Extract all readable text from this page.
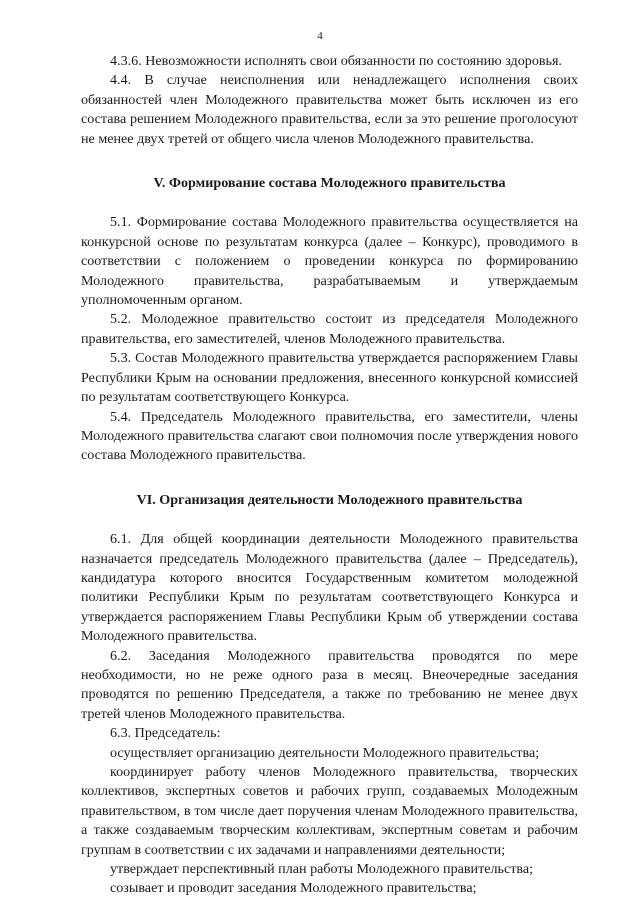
4

4.3.6. Невозможности исполнять свои обязанности по состоянию здоровья.

4.4. В случае неисполнения или ненадлежащего исполнения своих обязанностей член Молодежного правительства может быть исключен из его состава решением Молодежного правительства, если за это решение проголосуют не менее двух третей от общего числа членов Молодежного правительства.

V. Формирование состава Молодежного правительства

5.1. Формирование состава Молодежного правительства осуществляется на конкурсной основе по результатам конкурса (далее – Конкурс), проводимого в соответствии с положением о проведении конкурса по формированию Молодежного правительства, разрабатываемым и утверждаемым уполномоченным органом.

5.2. Молодежное правительство состоит из председателя Молодежного правительства, его заместителей, членов Молодежного правительства.

5.3. Состав Молодежного правительства утверждается распоряжением Главы Республики Крым на основании предложения, внесенного конкурсной комиссией по результатам соответствующего Конкурса.

5.4. Председатель Молодежного правительства, его заместители, члены Молодежного правительства слагают свои полномочия после утверждения нового состава Молодежного правительства.

VI. Организация деятельности Молодежного правительства

6.1. Для общей координации деятельности Молодежного правительства назначается председатель Молодежного правительства (далее – Председатель), кандидатура которого вносится Государственным комитетом молодежной политики Республики Крым по результатам соответствующего Конкурса и утверждается распоряжением Главы Республики Крым об утверждении состава Молодежного правительства.

6.2. Заседания Молодежного правительства проводятся по мере необходимости, но не реже одного раза в месяц. Внеочередные заседания проводятся по решению Председателя, а также по требованию не менее двух третей членов Молодежного правительства.

6.3. Председатель:

осуществляет организацию деятельности Молодежного правительства;

координирует работу членов Молодежного правительства, творческих коллективов, экспертных советов и рабочих групп, создаваемых Молодежным правительством, в том числе дает поручения членам Молодежного правительства, а также создаваемым творческим коллективам, экспертным советам и рабочим группам в соответствии с их задачами и направлениями деятельности;

утверждает перспективный план работы Молодежного правительства;

созывает и проводит заседания Молодежного правительства;
